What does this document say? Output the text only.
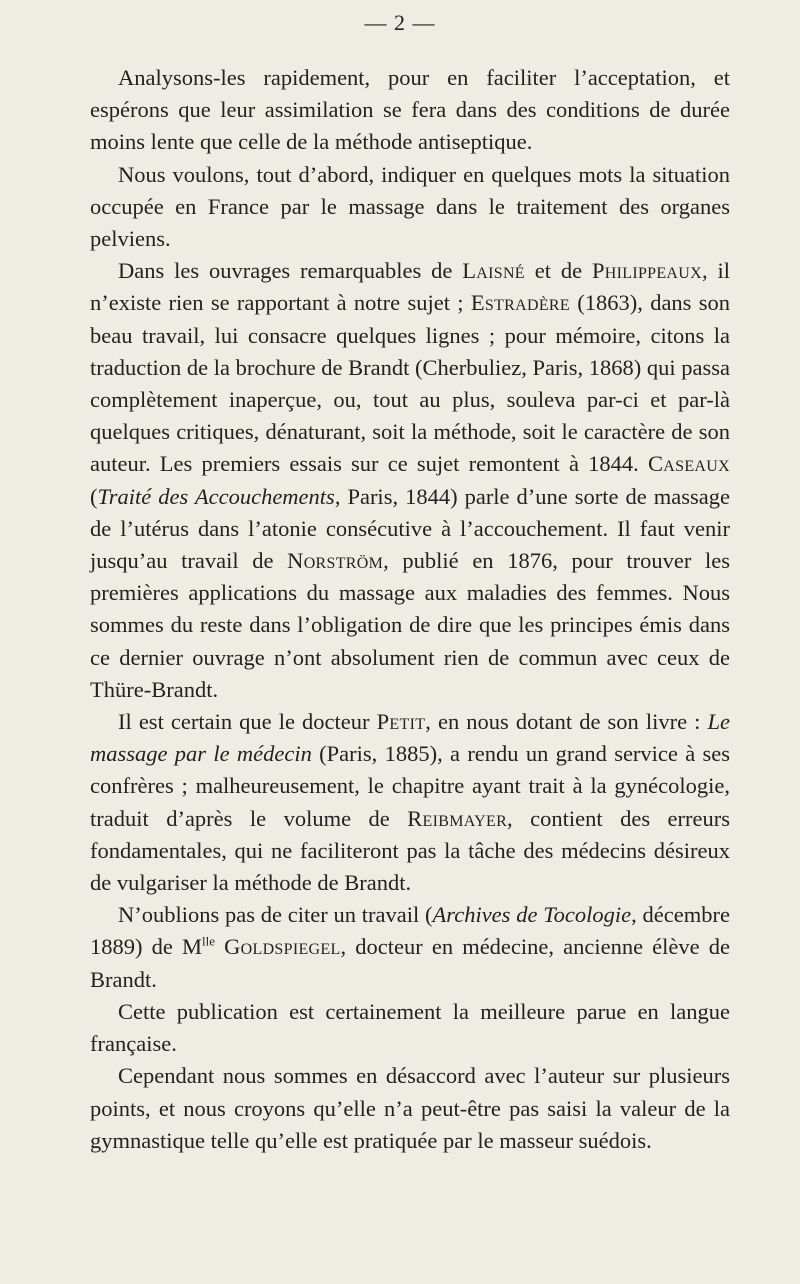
— 2 —

Analysons-les rapidement, pour en faciliter l’acceptation, et espérons que leur assimilation se fera dans des conditions de durée moins lente que celle de la méthode antiseptique.

Nous voulons, tout d’abord, indiquer en quelques mots la situation occupée en France par le massage dans le traitement des organes pelviens.

Dans les ouvrages remarquables de Laisné et de Philippeaux, il n’existe rien se rapportant à notre sujet ; Estradère (1863), dans son beau travail, lui consacre quelques lignes ; pour mémoire, citons la traduction de la brochure de Brandt (Cherbuliez, Paris, 1868) qui passa complètement inaperçue, ou, tout au plus, souleva par-ci et par-là quelques critiques, dénaturant, soit la méthode, soit le caractère de son auteur. Les premiers essais sur ce sujet remontent à 1844. Caseaux (Traité des Accouchements, Paris, 1844) parle d’une sorte de massage de l’utérus dans l’atonie consécutive à l’accouchement. Il faut venir jusqu’au travail de Norström, publié en 1876, pour trouver les premières applications du massage aux maladies des femmes. Nous sommes du reste dans l’obligation de dire que les principes émis dans ce dernier ouvrage n’ont absolument rien de commun avec ceux de Thüre-Brandt.

Il est certain que le docteur Petit, en nous dotant de son livre : Le massage par le médecin (Paris, 1885), a rendu un grand service à ses confrères ; malheureusement, le chapitre ayant trait à la gynécologie, traduit d’après le volume de Reibmayer, contient des erreurs fondamentales, qui ne faciliteront pas la tâche des médecins désireux de vulgariser la méthode de Brandt.

N’oublions pas de citer un travail (Archives de Tocologie, décembre 1889) de $M^{lle}$ Goldspiegel, docteur en médecine, ancienne élève de Brandt.

Cette publication est certainement la meilleure parue en langue française.

Cependant nous sommes en désaccord avec l’auteur sur plusieurs points, et nous croyons qu’elle n’a peut-être pas saisi la valeur de la gymnastique telle qu’elle est pratiquée par le masseur suédois.
